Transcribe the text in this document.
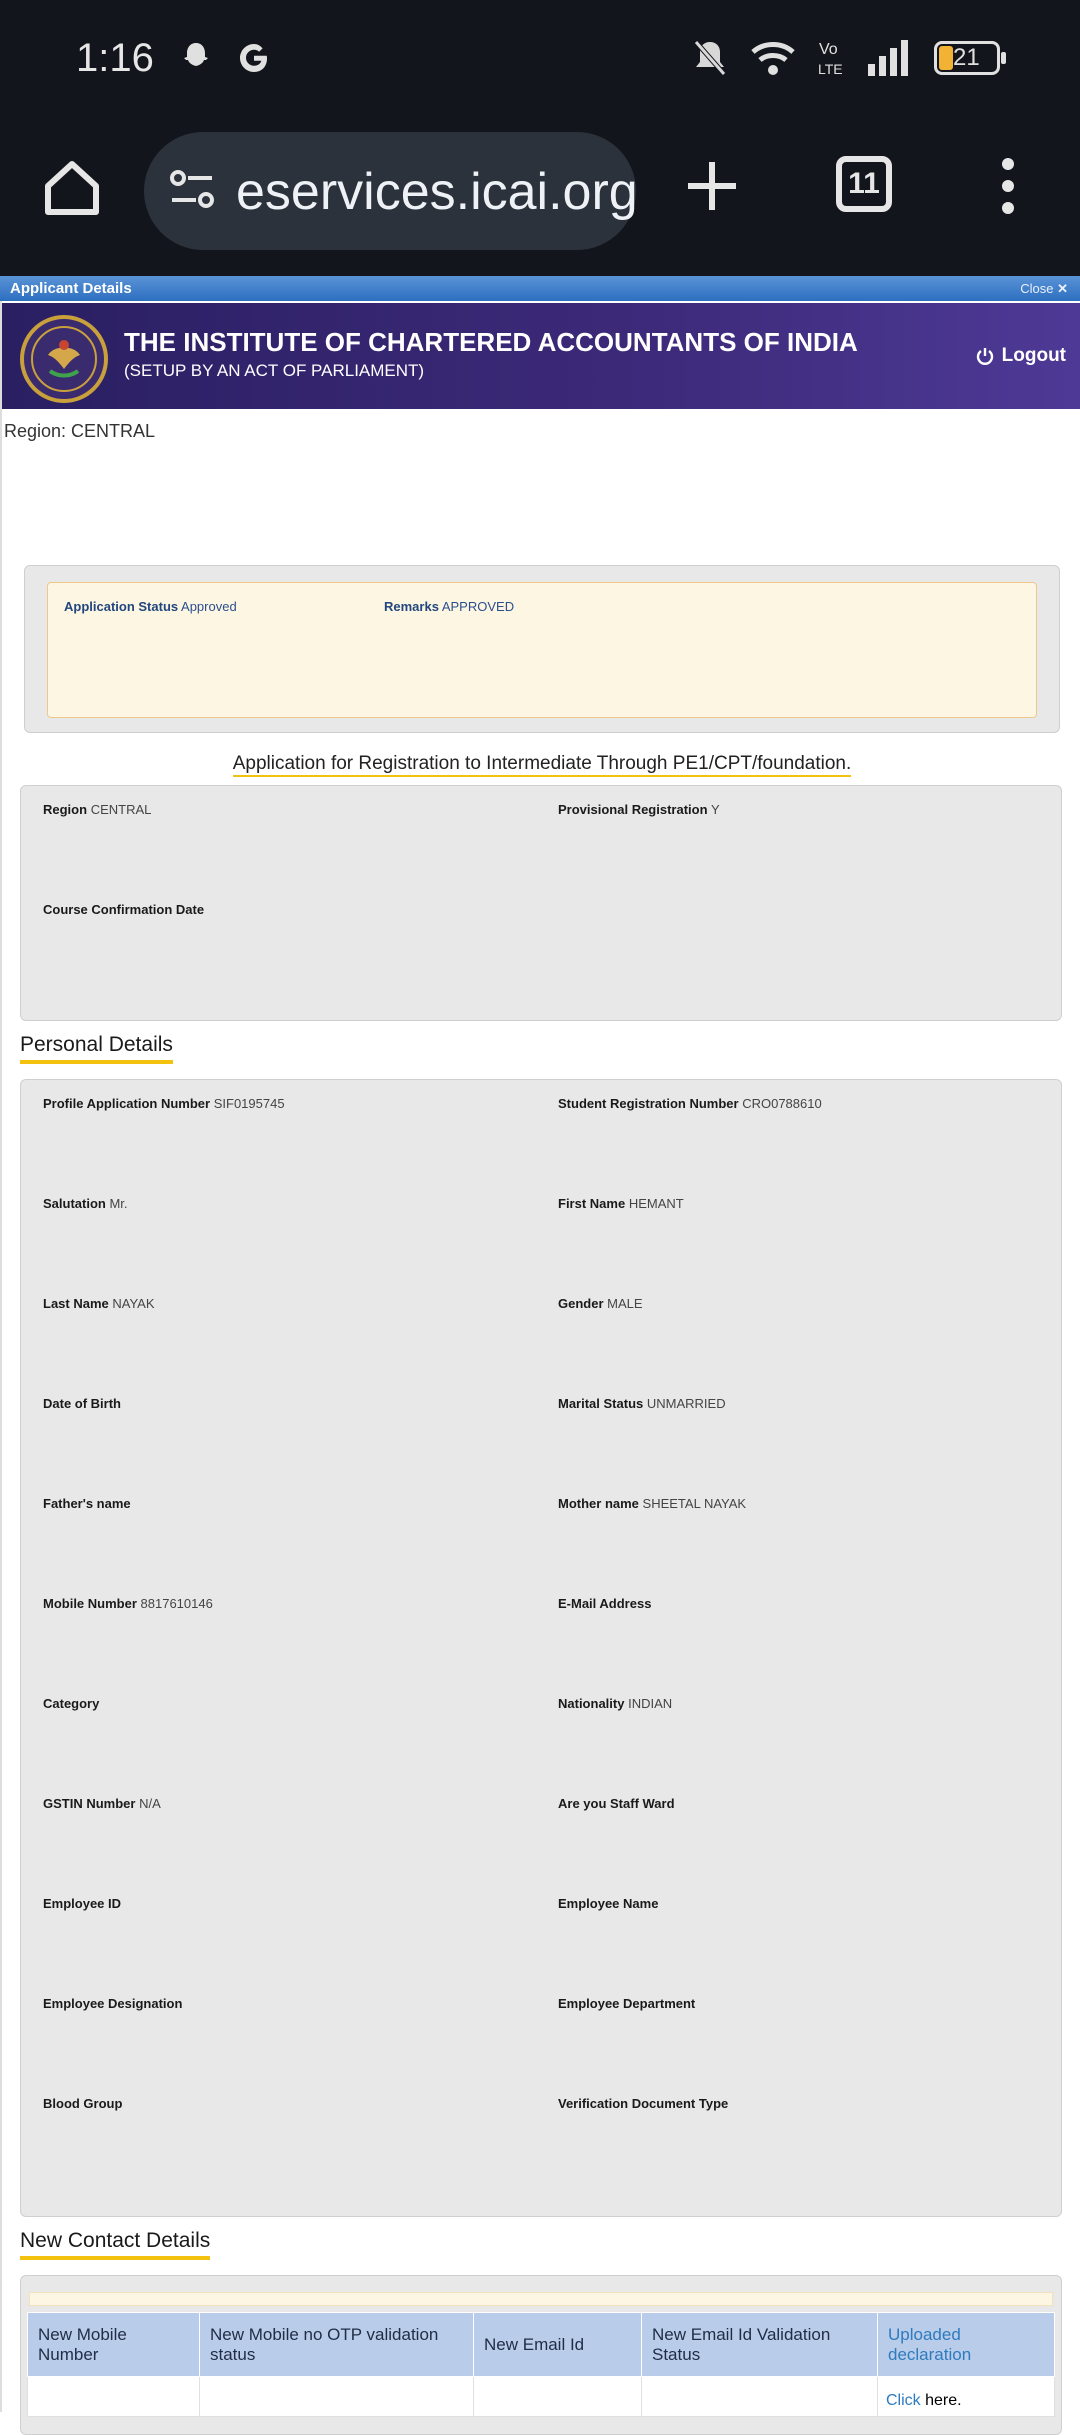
1:16	Vo
LTE	21
eservices.icai.org	11
Applicant Details	Close ✕
THE INSTITUTE OF CHARTERED ACCOUNTANTS OF INDIA
(SETUP BY AN ACT OF PARLIAMENT)
Logout
Region: CENTRAL
Application Status Approved	Remarks APPROVED
Application for Registration to Intermediate Through PE1/CPT/foundation.
Region CENTRAL	Provisional Registration Y
Course Confirmation Date
Personal Details
Profile Application Number SIF0195745	Student Registration Number CRO0788610
Salutation Mr.	First Name HEMANT
Last Name NAYAK	Gender MALE
Date of Birth	Marital Status UNMARRIED
Father's name	Mother name SHEETAL NAYAK
Mobile Number 8817610146	E-Mail Address
Category	Nationality INDIAN
GSTIN Number N/A	Are you Staff Ward
Employee ID	Employee Name
Employee Designation	Employee Department
Blood Group	Verification Document Type
New Contact Details
New Mobile Number	New Mobile no OTP validation status	New Email Id	New Email Id Validation Status	Uploaded declaration
				Click here.
